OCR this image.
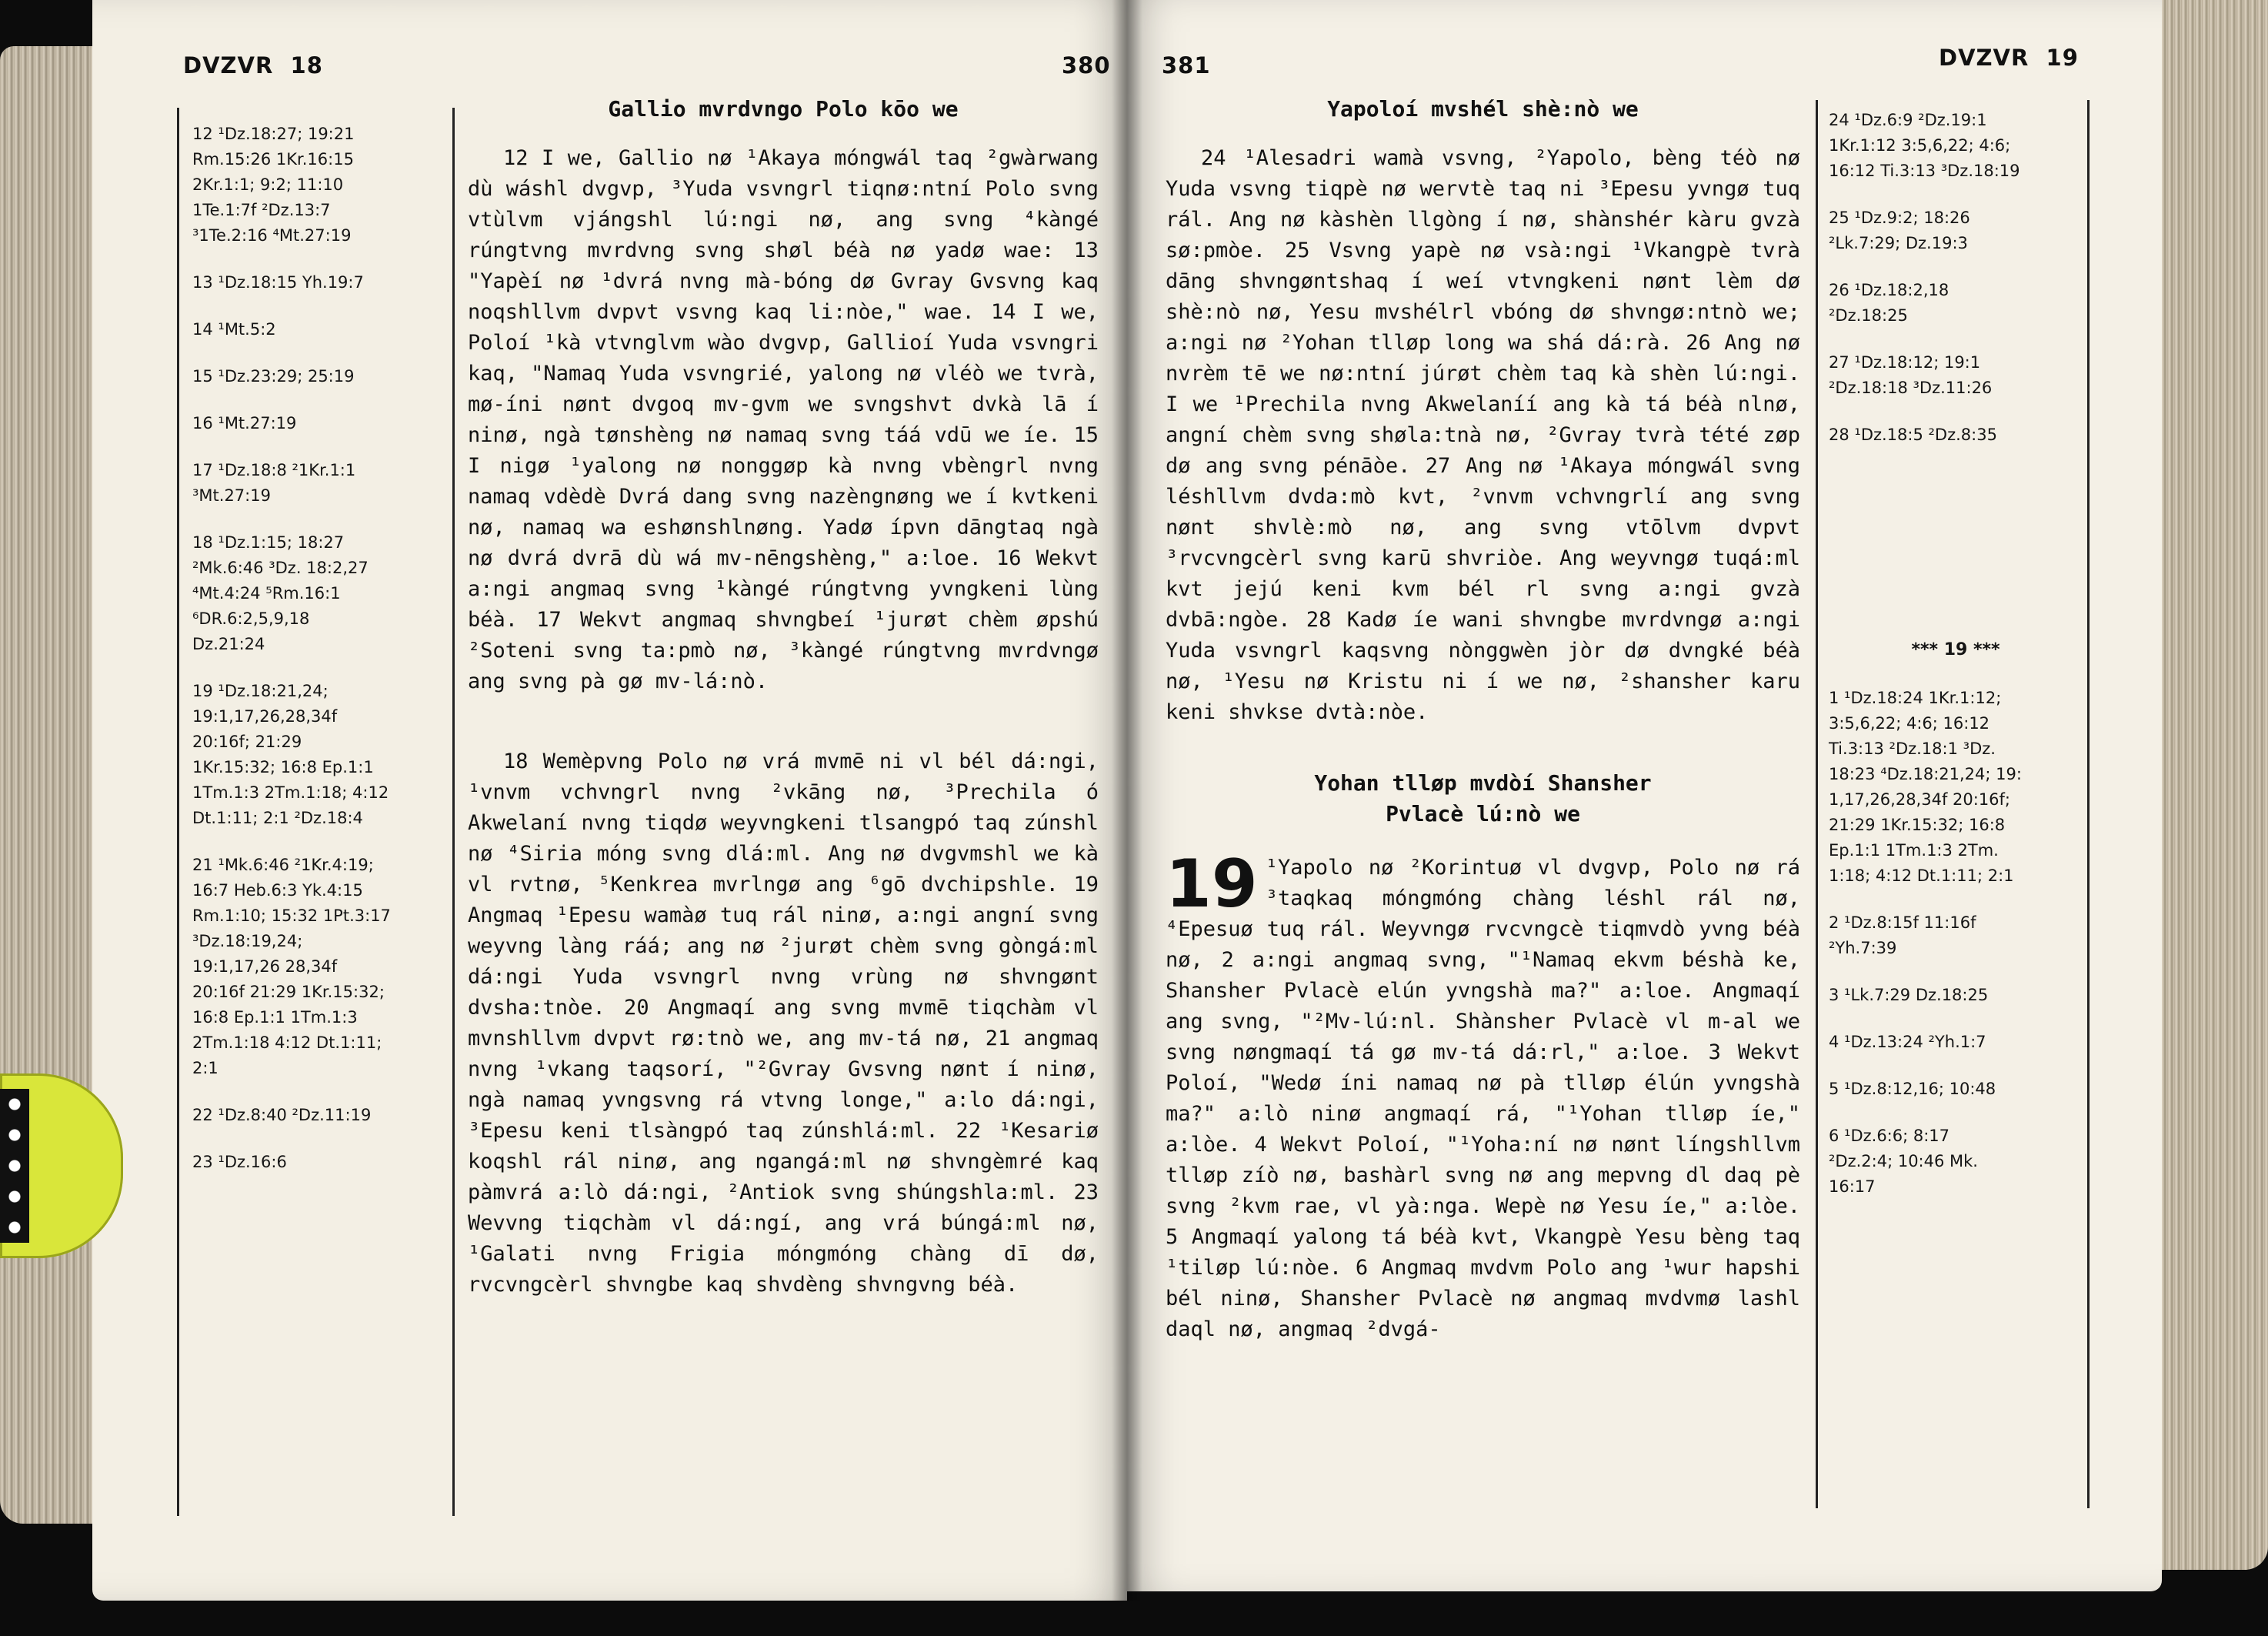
DVZVR  18	380
12 ¹Dz.18:27; 19:21
Rm.15:26 1Kr.16:15
2Kr.1:1; 9:2; 11:10
1Te.1:7f ²Dz.13:7
³1Te.2:16 ⁴Mt.27:19
13 ¹Dz.18:15 Yh.19:7
14 ¹Mt.5:2
15 ¹Dz.23:29; 25:19
16 ¹Mt.27:19
17 ¹Dz.18:8 ²1Kr.1:1
³Mt.27:19
18 ¹Dz.1:15; 18:27
²Mk.6:46 ³Dz. 18:2,27
⁴Mt.4:24 ⁵Rm.16:1
⁶DR.6:2,5,9,18
Dz.21:24
19 ¹Dz.18:21,24;
19:1,17,26,28,34f
20:16f; 21:29
1Kr.15:32; 16:8 Ep.1:1
1Tm.1:3 2Tm.1:18; 4:12
Dt.1:11; 2:1 ²Dz.18:4
21 ¹Mk.6:46 ²1Kr.4:19;
16:7 Heb.6:3 Yk.4:15
Rm.1:10; 15:32 1Pt.3:17
³Dz.18:19,24;
19:1,17,26 28,34f
20:16f 21:29 1Kr.15:32;
16:8 Ep.1:1 1Tm.1:3
2Tm.1:18 4:12 Dt.1:11;
2:1
22 ¹Dz.8:40 ²Dz.11:19
23 ¹Dz.16:6
Gallio mvrdvngo Polo kōo we

12 I we, Gallio nø ¹Akaya móngwál taq ²gwàrwang dù wáshl dvgvp, ³Yuda vsvngrl tiqnø:ntní Polo svng vtùlvm vjángshl lú:ngi nø, ang svng ⁴kàngé rúngtvng mvrdvng svng shøl béà nø yadø wae: 13 "Yapèí nø ¹dvrá nvng mà-bóng dø Gvray Gvsvng kaq noqshllvm dvpvt vsvng kaq li:nòe," wae. 14 I we, Poloí ¹kà vtvnglvm wào dvgvp, Gallioí Yuda vsvngri kaq, "Namaq Yuda vsvngrié, yalong nø vléò we tvrà, mø-íni nønt dvgoq mv-gvm we svngshvt dvkà lā í ninø, ngà tønshèng nø namaq svng táá vdū we íe. 15 I nigø ¹yalong nø nonggøp kà nvng vbèngrl nvng namaq vdèdè Dvrá dang svng nazèngnøng we í kvtkeni nø, namaq wa eshønshlnøng. Yadø ípvn dāngtaq ngà nø dvrá dvrā dù wá mv-nēngshèng," a:loe. 16 Wekvt a:ngi angmaq svng ¹kàngé rúngtvng yvngkeni lùng béà. 17 Wekvt angmaq shvngbeí ¹jurøt chèm øpshú ²Soteni svng ta:pmò nø, ³kàngé rúngtvng mvrdvngø ang svng pà gø mv-lá:nò.

18 Wemèpvng Polo nø vrá mvmē ni vl bél dá:ngi, ¹vnvm vchvngrl nvng ²vkāng nø, ³Prechila ó Akwelaní nvng tiqdø weyvngkeni tlsangpó taq zúnshl nø ⁴Siria móng svng dlá:ml. Ang nø dvgvmshl we kà vl rvtnø, ⁵Kenkrea mvrlngø ang ⁶gō dvchipshle. 19 Angmaq ¹Epesu wamàø tuq rál ninø, a:ngi angní svng weyvng làng ráá; ang nø ²jurøt chèm svng gòngá:ml dá:ngi Yuda vsvngrl nvng vrùng nø shvngønt dvsha:tnòe. 20 Angmaqí ang svng mvmē tiqchàm vl mvnshllvm dvpvt rø:tnò we, ang mv-tá nø, 21 angmaq nvng ¹vkang taqsorí, "²Gvray Gvsvng nønt í ninø, ngà namaq yvngsvng rá vtvng longe," a:lo dá:ngi, ³Epesu keni tlsàngpó taq zúnshlá:ml. 22 ¹Kesariø koqshl rál ninø, ang ngangá:ml nø shvngèmré kaq pàmvrá a:lò dá:ngi, ²Antiok svng shúngshla:ml. 23 Wevvng tiqchàm vl dá:ngí, ang vrá búngá:ml nø, ¹Galati nvng Frigia móngmóng chàng dī dø, rvcvngcèrl shvngbe kaq shvdèng shvngvng béà.

381	DVZVR  19
Yapoloí mvshél shè:nò we

24 ¹Alesadri wamà vsvng, ²Yapolo, bèng téò nø Yuda vsvng tiqpè nø wervtè taq ni ³Epesu yvngø tuq rál. Ang nø kàshèn llgòng í nø, shànshér kàru gvzà sø:pmòe. 25 Vsvng yapè nø vsà:ngi ¹Vkangpè tvrà dāng shvngøntshaq í weí vtvngkeni nønt lèm dø shè:nò nø, Yesu mvshélrl vbóng dø shvngø:ntnò we; a:ngi nø ²Yohan tlløp long wa shá dá:rà. 26 Ang nø nvrèm tē we nø:ntní júrøt chèm taq kà shèn lú:ngi. I we ¹Prechila nvng Akwelaníí ang kà tá béà nlnø, angní chèm svng shøla:tnà nø, ²Gvray tvrà tété zøp dø ang svng pénāòe. 27 Ang nø ¹Akaya móngwál svng léshllvm dvda:mò kvt, ²vnvm vchvngrlí ang svng nønt shvlè:mò nø, ang svng vtōlvm dvpvt ³rvcvngcèrl svng karū shvriòe. Ang weyvngø tuqá:ml kvt jejú keni kvm bél rl svng a:ngi gvzà dvbā:ngòe. 28 Kadø íe wani shvngbe mvrdvngø a:ngi Yuda vsvngrl kaqsvng nònggwèn jòr dø dvngké béà nø, ¹Yesu nø Kristu ni í we nø, ²shansher karu keni shvkse dvtà:nòe.

Yohan tlløp mvdòí Shansher
Pvlacè lú:nò we
19 ¹Yapolo nø ²Korintuø vl dvgvp, Polo nø rá ³taqkaq móngmóng chàng léshl rál nø, ⁴Epesuø tuq rál. Weyvngø rvcvngcè tiqmvdò yvng béà nø, 2 a:ngi angmaq svng, "¹Namaq ekvm béshà ke, Shansher Pvlacè elún yvngshà ma?" a:loe. Angmaqí ang svng, "²Mv-lú:nl. Shànsher Pvlacè vl m-al we svng nøngmaqí tá gø mv-tá dá:rl," a:loe. 3 Wekvt Poloí, "Wedø íni namaq nø pà tlløp élún yvngshà ma?" a:lò ninø angmaqí rá, "¹Yohan tlløp íe," a:lòe. 4 Wekvt Poloí, "¹Yoha:ní nø nønt língshllvm tlløp zíò nø, bashàrl svng nø ang mepvng dl daq pè svng ²kvm rae, vl yà:nga. Wepè nø Yesu íe," a:lòe. 5 Angmaqí yalong tá béà kvt, Vkangpè Yesu bèng taq ¹tiløp lú:nòe. 6 Angmaq mvdvm Polo ang ¹wur hapshi bél ninø, Shansher Pvlacè nø angmaq mvdvmø lashl daql nø, angmaq ²dvgá-
24 ¹Dz.6:9 ²Dz.19:1
1Kr.1:12 3:5,6,22; 4:6;
16:12 Ti.3:13 ³Dz.18:19
25 ¹Dz.9:2; 18:26
²Lk.7:29; Dz.19:3
26 ¹Dz.18:2,18
²Dz.18:25
27 ¹Dz.18:12; 19:1
²Dz.18:18 ³Dz.11:26
28 ¹Dz.18:5 ²Dz.8:35
*** 19 ***
1 ¹Dz.18:24 1Kr.1:12;
3:5,6,22; 4:6; 16:12
Ti.3:13 ²Dz.18:1 ³Dz.
18:23 ⁴Dz.18:21,24; 19:
1,17,26,28,34f 20:16f;
21:29 1Kr.15:32; 16:8
Ep.1:1 1Tm.1:3 2Tm.
1:18; 4:12 Dt.1:11; 2:1
2 ¹Dz.8:15f 11:16f
²Yh.7:39
3 ¹Lk.7:29 Dz.18:25
4 ¹Dz.13:24 ²Yh.1:7
5 ¹Dz.8:12,16; 10:48
6 ¹Dz.6:6; 8:17
²Dz.2:4; 10:46 Mk.
16:17
